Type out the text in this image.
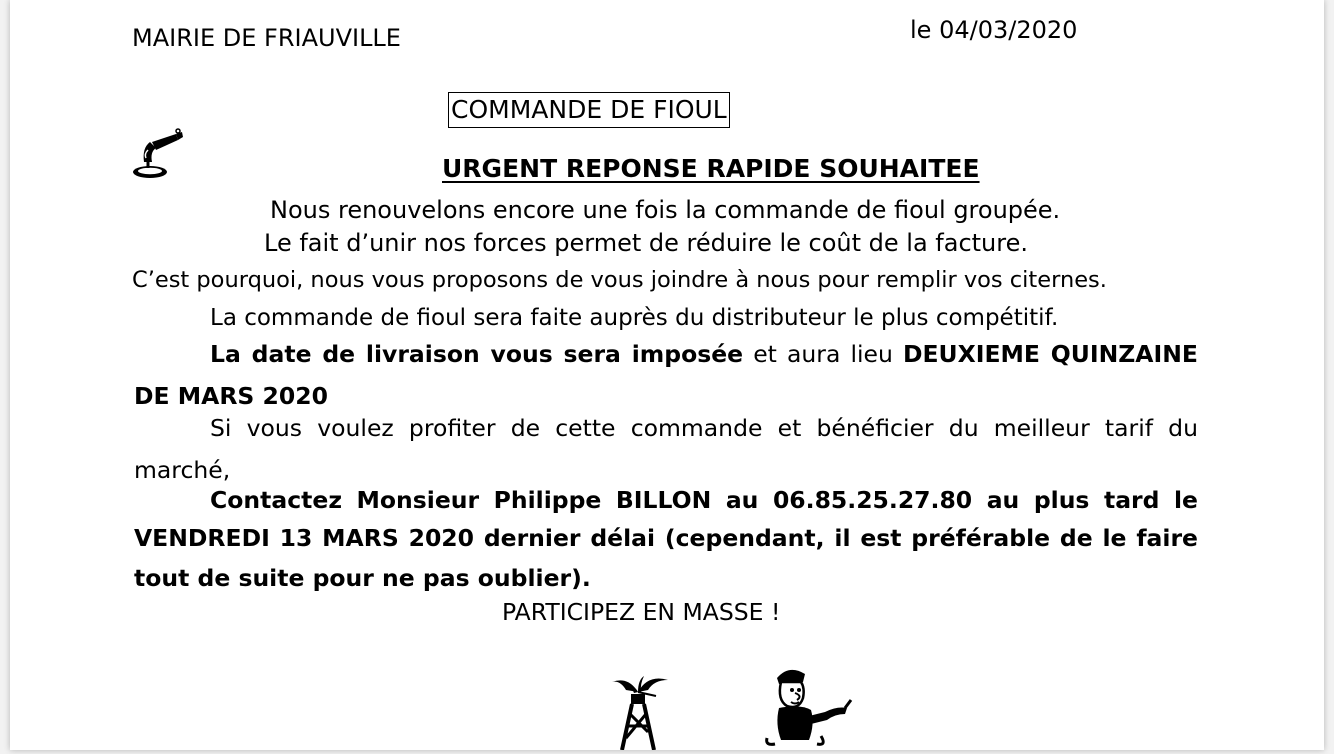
MAIRIE DE FRIAUVILLE	le 04/03/2020
COMMANDE DE FIOUL
URGENT REPONSE RAPIDE SOUHAITEE
Nous renouvelons encore une fois la commande de fioul groupée.
Le fait d’unir nos forces permet de réduire le coût de la facture.
C’est pourquoi, nous vous proposons de vous joindre à nous pour remplir vos citernes.
La commande de fioul sera faite auprès du distributeur le plus compétitif.
La date de livraison vous sera imposée et aura lieu DEUXIEME QUINZAINE
DE MARS 2020
Si vous voulez profiter de cette commande et bénéficier du meilleur tarif du
marché,
Contactez Monsieur Philippe BILLON au 06.85.25.27.80 au plus tard le
VENDREDI 13 MARS 2020 dernier délai (cependant, il est préférable de le faire
tout de suite pour ne pas oublier).
PARTICIPEZ EN MASSE !
